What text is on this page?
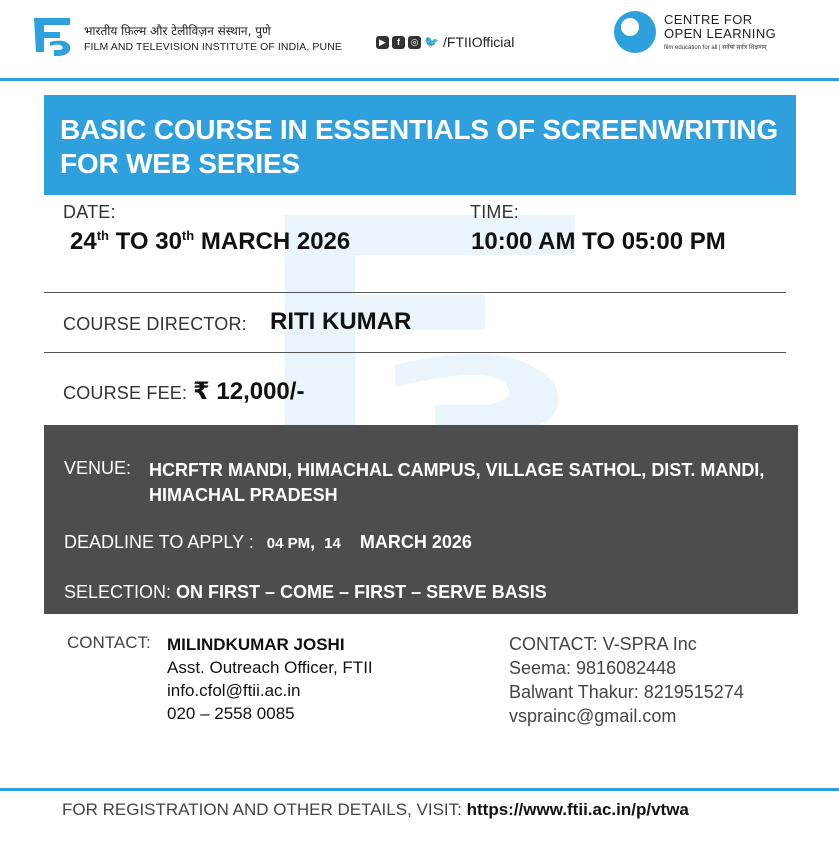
भारतीय फ़िल्म और टेलीविज़न संस्थान, पुणे
FILM AND TELEVISION INSTITUTE OF INDIA, PUNE	▶	f	◎ 🐦 /FTIIOfficial
CENTRE FOR
OPEN LEARNING
film education for all | सर्वेषां सर्वत्र शिक्षणम्
BASIC COURSE IN ESSENTIALS OF SCREENWRITING FOR WEB SERIES
DATE:
24th TO 30th MARCH 2026
TIME:
10:00 AM TO 05:00 PM
COURSE DIRECTOR: RITI KUMAR
COURSE FEE: ₹ 12,000/-
VENUE: HCRFTR MANDI, HIMACHAL CAMPUS, VILLAGE SATHOL, DIST. MANDI, HIMACHAL PRADESH
DEADLINE TO APPLY : 04 PM, 14 MARCH 2026
SELECTION: ON FIRST – COME – FIRST – SERVE BASIS
CONTACT: MILINDKUMAR JOSHI
Asst. Outreach Officer, FTII
info.cfol@ftii.ac.in
020 – 2558 0085
CONTACT: V-SPRA Inc
Seema: 9816082448
Balwant Thakur: 8219515274
vsprainc@gmail.com
FOR REGISTRATION AND OTHER DETAILS, VISIT: https://www.ftii.ac.in/p/vtwa
